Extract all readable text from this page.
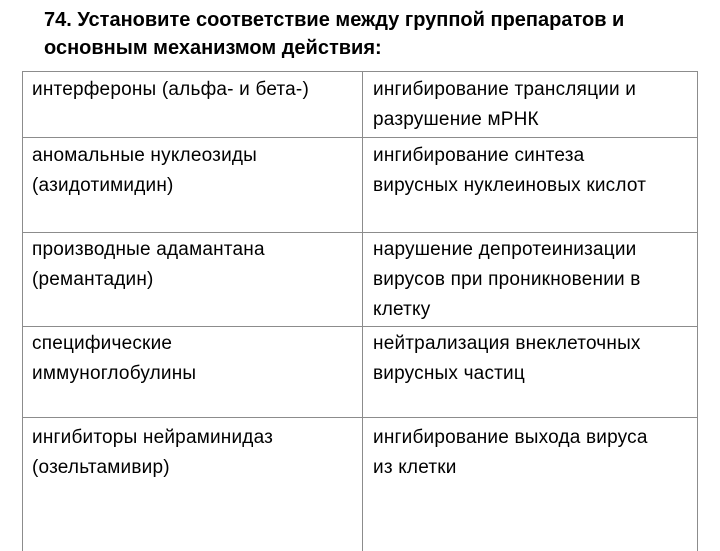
74. Установите соответствие между группой препаратов и
основным механизмом действия:
интерфероны (альфа- и бета-)	ингибирование трансляции и
разрушение мРНК
аномальные нуклеозиды
(азидотимидин)
ингибирование синтеза
вирусных нуклеиновых кислот
производные адамантана
(ремантадин)
нарушение депротеинизации
вирусов при проникновении в
клетку
специфические
иммуноглобулины
нейтрализация внеклеточных
вирусных частиц
ингибиторы нейраминидаз
(озельтамивир)
ингибирование выхода вируса
из клетки
